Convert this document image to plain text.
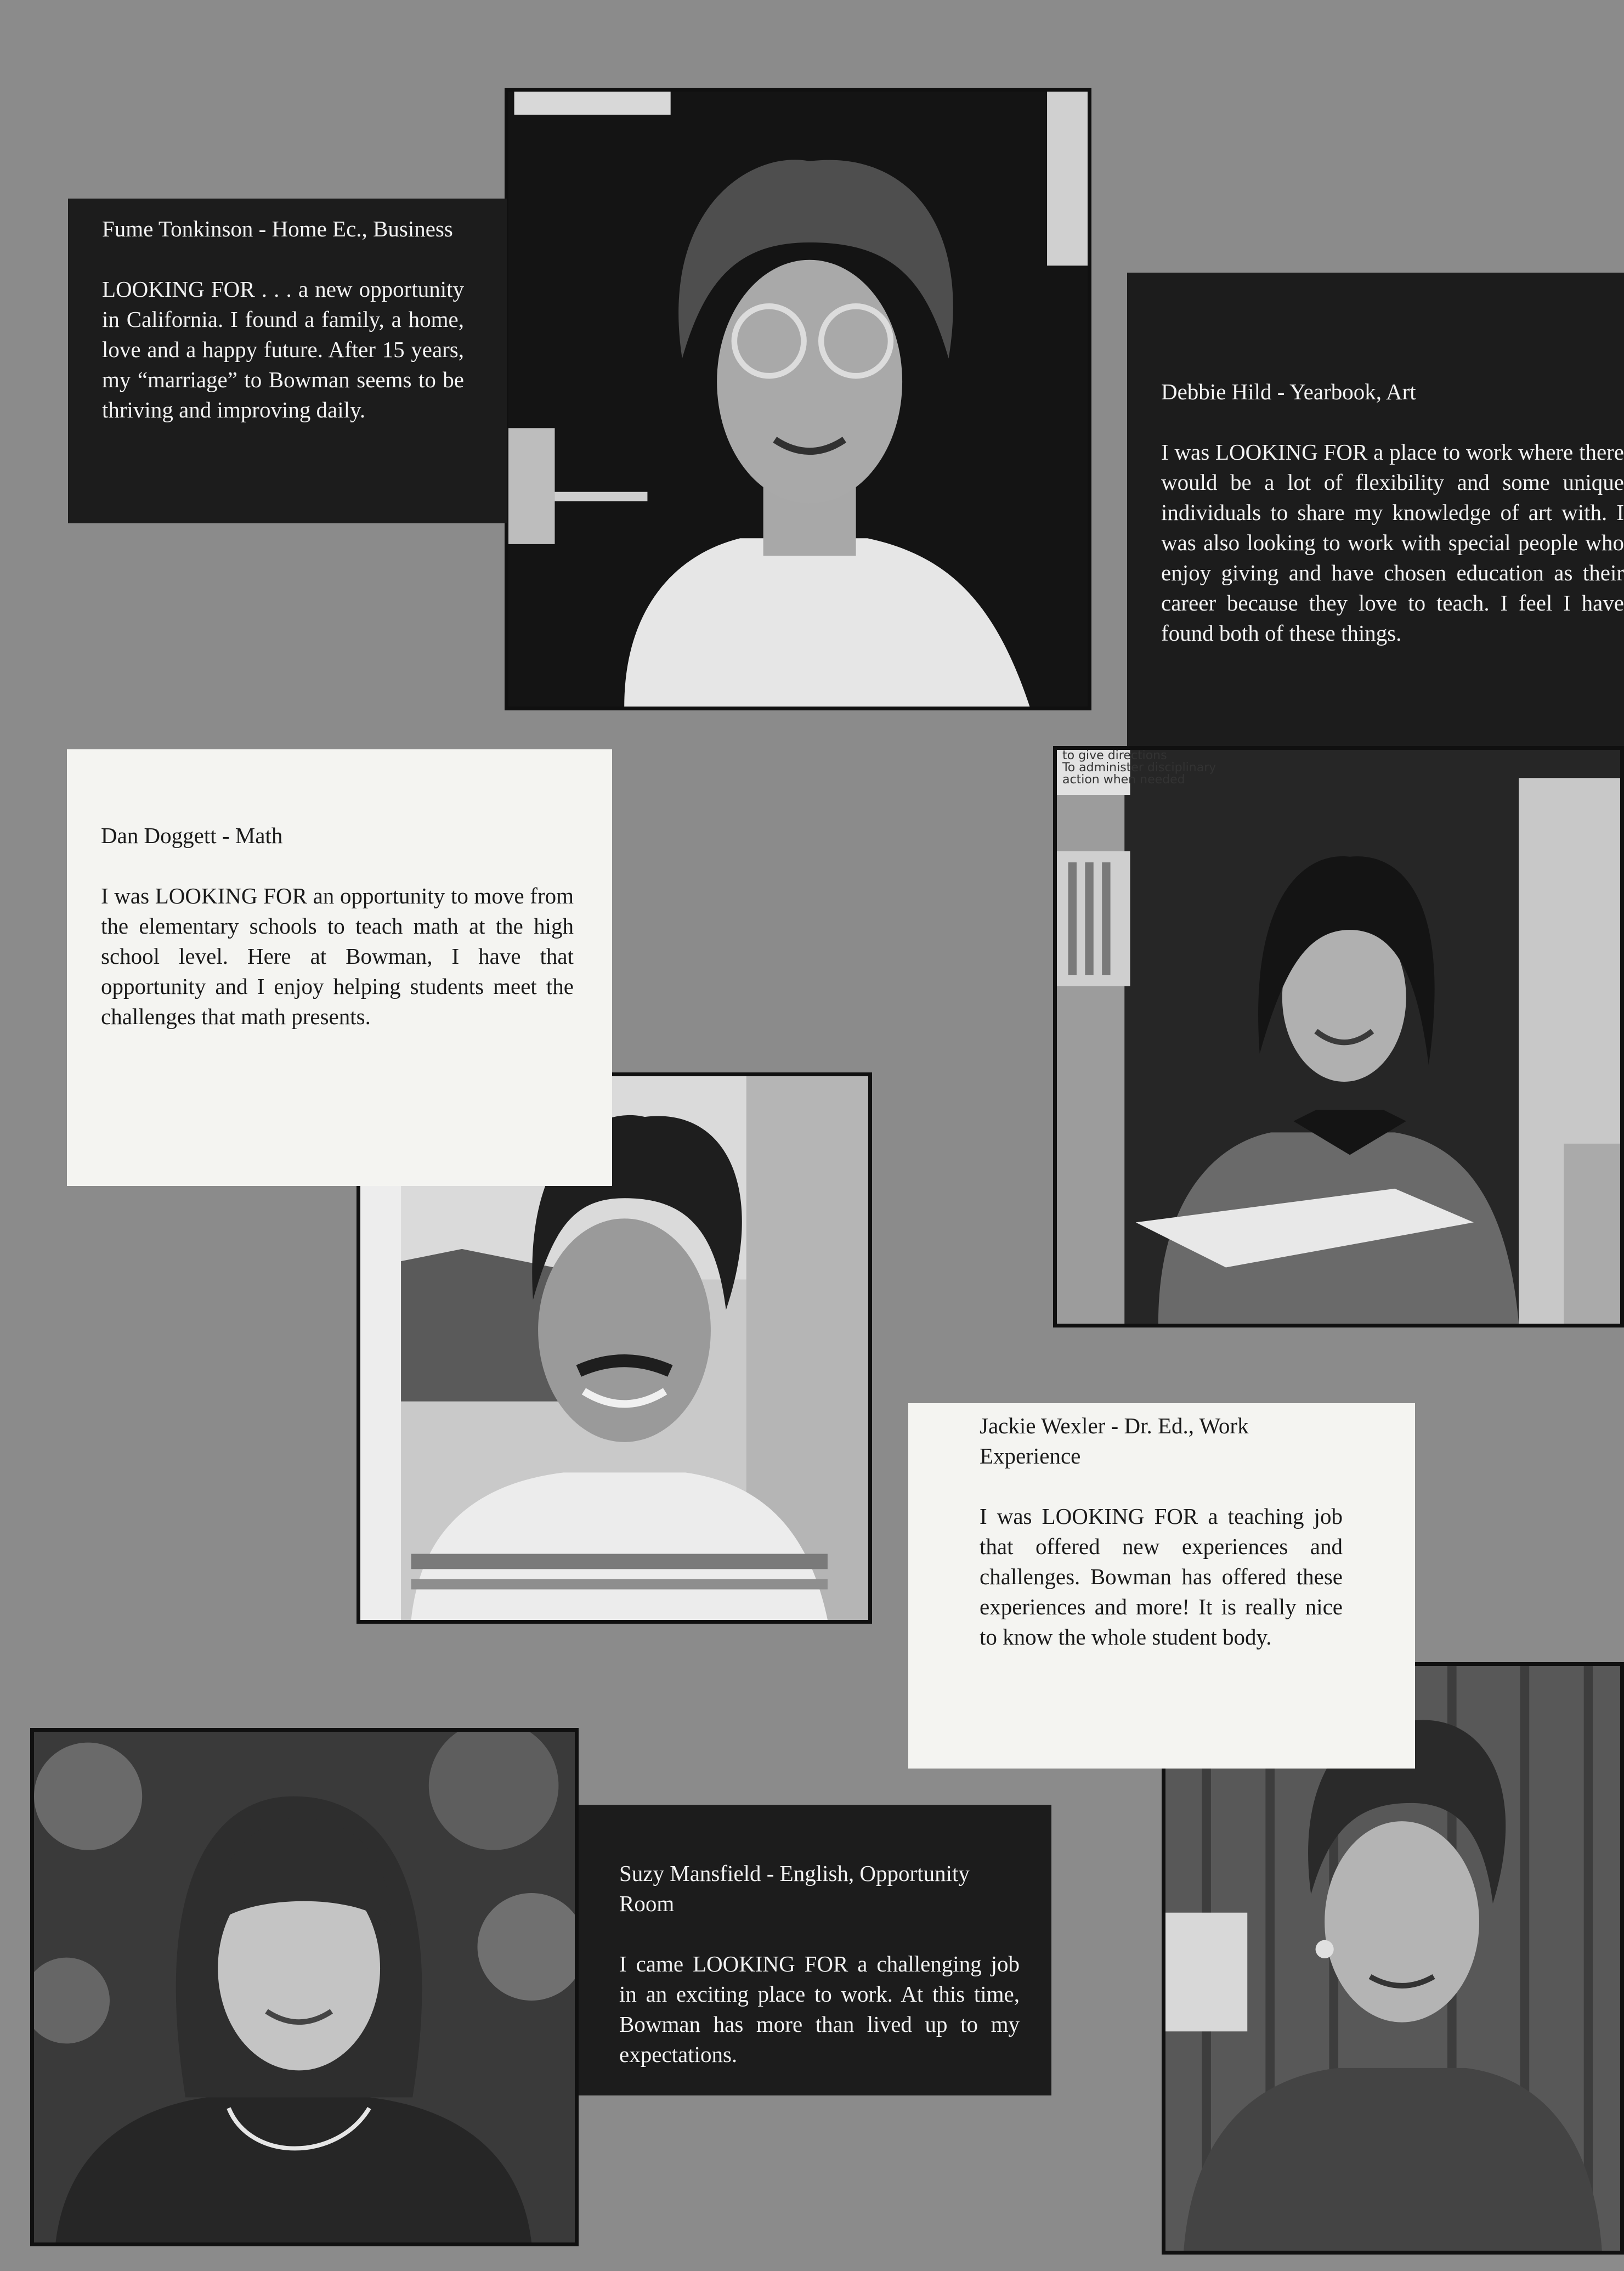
to give directions
To administer disciplinary action when needed

Fume Tonkinson - Home Ec., Business

LOOKING FOR . . . a new opportunity in California. I found a family, a home, love and a happy future. After 15 years, my “marriage” to Bowman seems to be thriving and improving daily.

Debbie Hild - Yearbook, Art

I was LOOKING FOR a place to work where there would be a lot of flexibility and some unique individuals to share my knowledge of art with. I was also looking to work with special people who enjoy giving and have chosen education as their career because they love to teach. I feel I have found both of these things.

Dan Doggett - Math

I was LOOKING FOR an opportunity to move from the elementary schools to teach math at the high school level. Here at Bowman, I have that opportunity and I enjoy helping students meet the challenges that math presents.

Jackie Wexler - Dr. Ed., Work Experience

I was LOOKING FOR a teaching job that offered new experiences and challenges. Bowman has offered these experiences and more! It is really nice to know the whole student body.

Suzy Mansfield - English, Opportunity Room

I came LOOKING FOR a challenging job in an exciting place to work. At this time, Bowman has more than lived up to my expectations.
